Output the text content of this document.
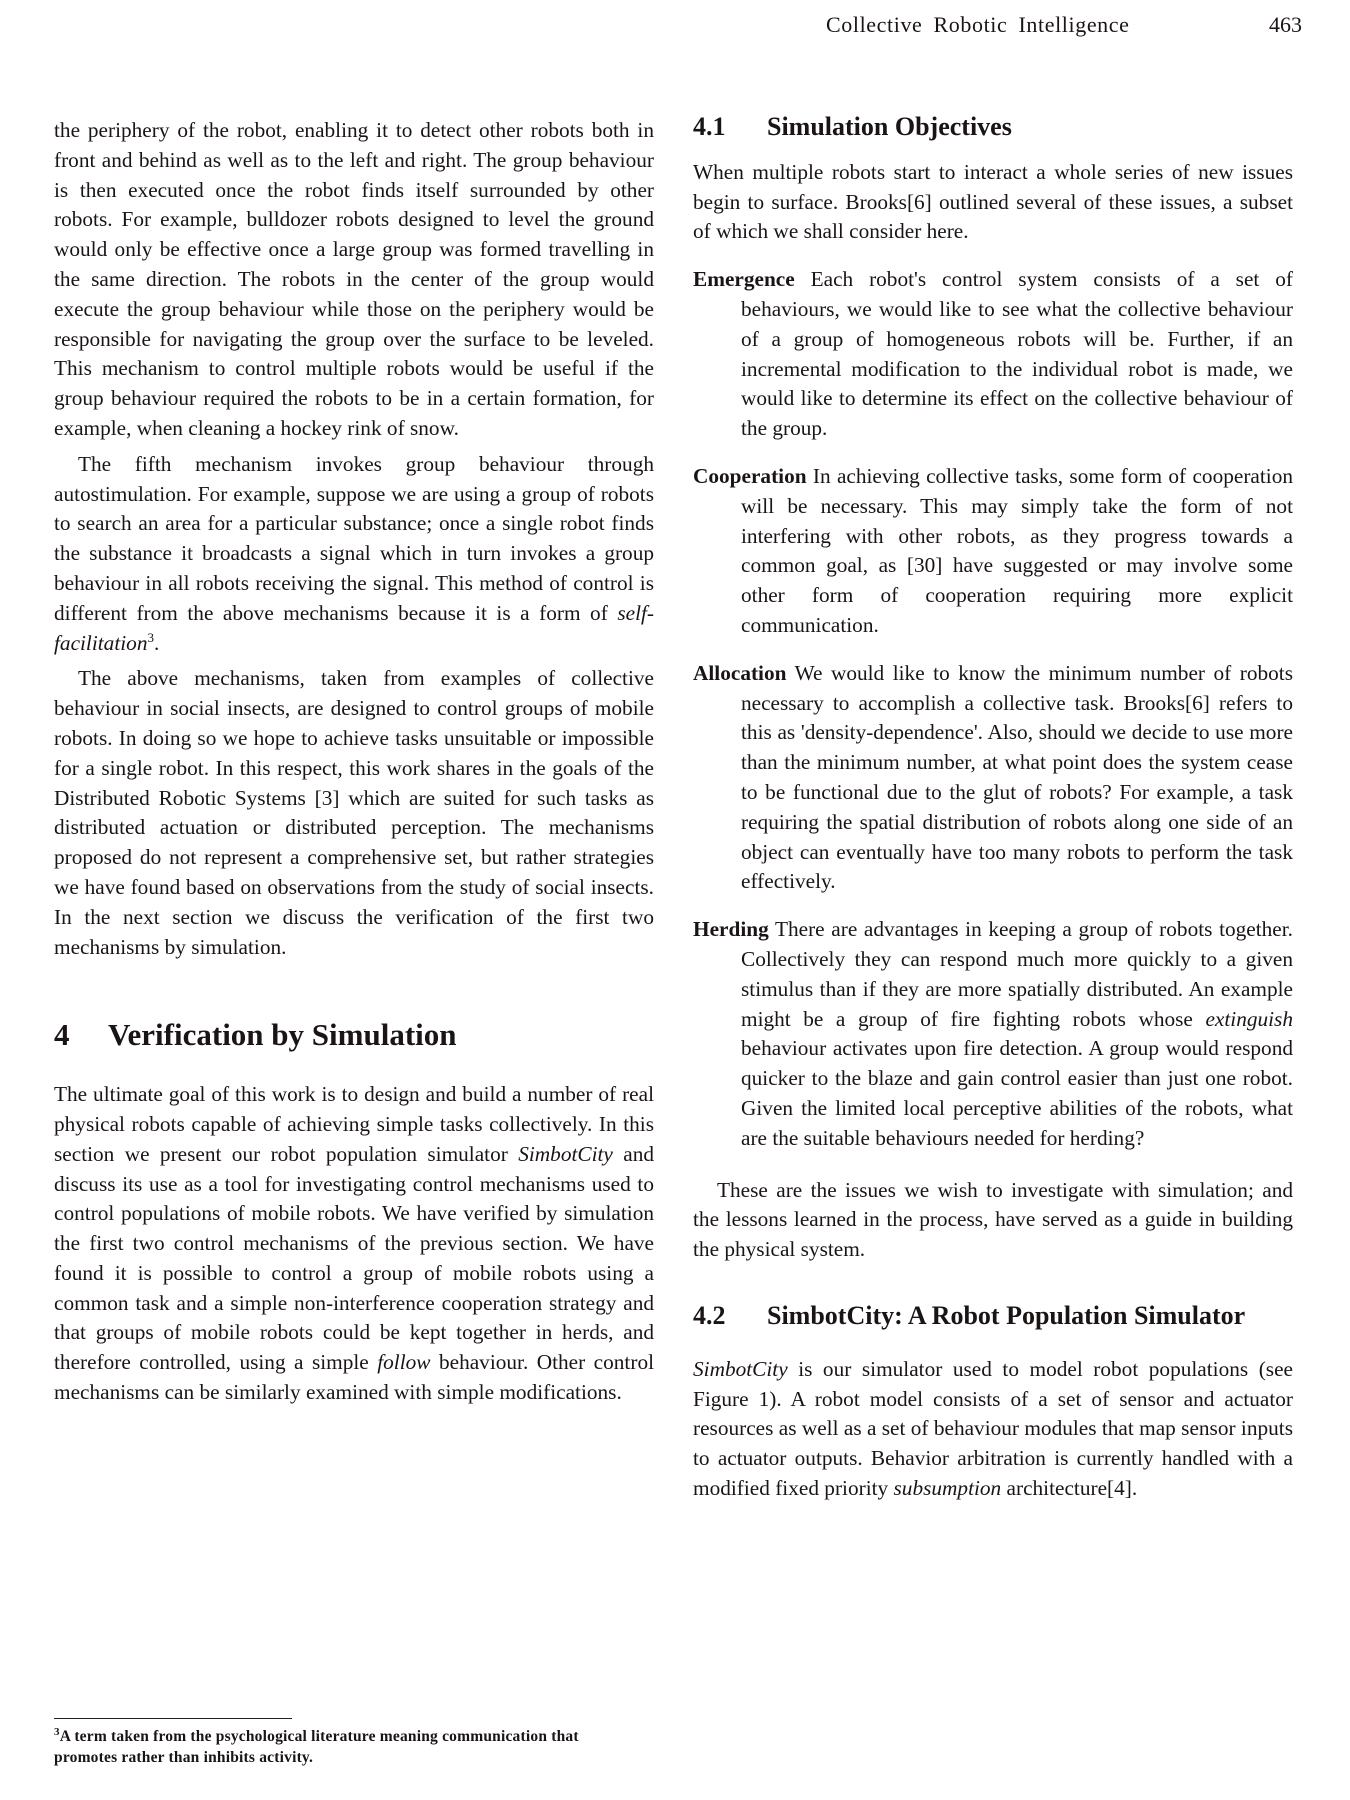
Collective Robotic Intelligence	463

the periphery of the robot, enabling it to detect other robots both in front and behind as well as to the left and right. The group behaviour is then executed once the robot finds itself surrounded by other robots. For example, bulldozer robots designed to level the ground would only be effective once a large group was formed travelling in the same direction. The robots in the center of the group would execute the group behaviour while those on the periphery would be responsible for navigating the group over the surface to be leveled. This mechanism to control multiple robots would be useful if the group behaviour required the robots to be in a certain formation, for example, when cleaning a hockey rink of snow.

The fifth mechanism invokes group behaviour through autostimulation. For example, suppose we are using a group of robots to search an area for a particular substance; once a single robot finds the substance it broadcasts a signal which in turn invokes a group behaviour in all robots receiving the signal. This method of control is different from the above mechanisms because it is a form of self-facilitation$^3$.

The above mechanisms, taken from examples of collective behaviour in social insects, are designed to control groups of mobile robots. In doing so we hope to achieve tasks unsuitable or impossible for a single robot. In this respect, this work shares in the goals of the Distributed Robotic Systems [3] which are suited for such tasks as distributed actuation or distributed perception. The mechanisms proposed do not represent a comprehensive set, but rather strategies we have found based on observations from the study of social insects. In the next section we discuss the verification of the first two mechanisms by simulation.

4 Verification by Simulation

The ultimate goal of this work is to design and build a number of real physical robots capable of achieving simple tasks collectively. In this section we present our robot population simulator SimbotCity and discuss its use as a tool for investigating control mechanisms used to control populations of mobile robots. We have verified by simulation the first two control mechanisms of the previous section. We have found it is possible to control a group of mobile robots using a common task and a simple non-interference cooperation strategy and that groups of mobile robots could be kept together in herds, and therefore controlled, using a simple follow behaviour. Other control mechanisms can be similarly examined with simple modifications.

$^3$A term taken from the psychological literature meaning communication that promotes rather than inhibits activity.
4.1	Simulation Objectives

When multiple robots start to interact a whole series of new issues begin to surface. Brooks[6] outlined several of these issues, a subset of which we shall consider here.

Emergence Each robot's control system consists of a set of behaviours, we would like to see what the collective behaviour of a group of homogeneous robots will be. Further, if an incremental modification to the individual robot is made, we would like to determine its effect on the collective behaviour of the group.

Cooperation In achieving collective tasks, some form of cooperation will be necessary. This may simply take the form of not interfering with other robots, as they progress towards a common goal, as [30] have suggested or may involve some other form of cooperation requiring more explicit communication.

Allocation We would like to know the minimum number of robots necessary to accomplish a collective task. Brooks[6] refers to this as 'density-dependence'. Also, should we decide to use more than the minimum number, at what point does the system cease to be functional due to the glut of robots? For example, a task requiring the spatial distribution of robots along one side of an object can eventually have too many robots to perform the task effectively.

Herding There are advantages in keeping a group of robots together. Collectively they can respond much more quickly to a given stimulus than if they are more spatially distributed. An example might be a group of fire fighting robots whose extinguish behaviour activates upon fire detection. A group would respond quicker to the blaze and gain control easier than just one robot. Given the limited local perceptive abilities of the robots, what are the suitable behaviours needed for herding?

These are the issues we wish to investigate with simulation; and the lessons learned in the process, have served as a guide in building the physical system.

4.2	SimbotCity: A Robot Population Simulator

SimbotCity is our simulator used to model robot populations (see Figure 1). A robot model consists of a set of sensor and actuator resources as well as a set of behaviour modules that map sensor inputs to actuator outputs. Behavior arbitration is currently handled with a modified fixed priority subsumption architecture[4].
